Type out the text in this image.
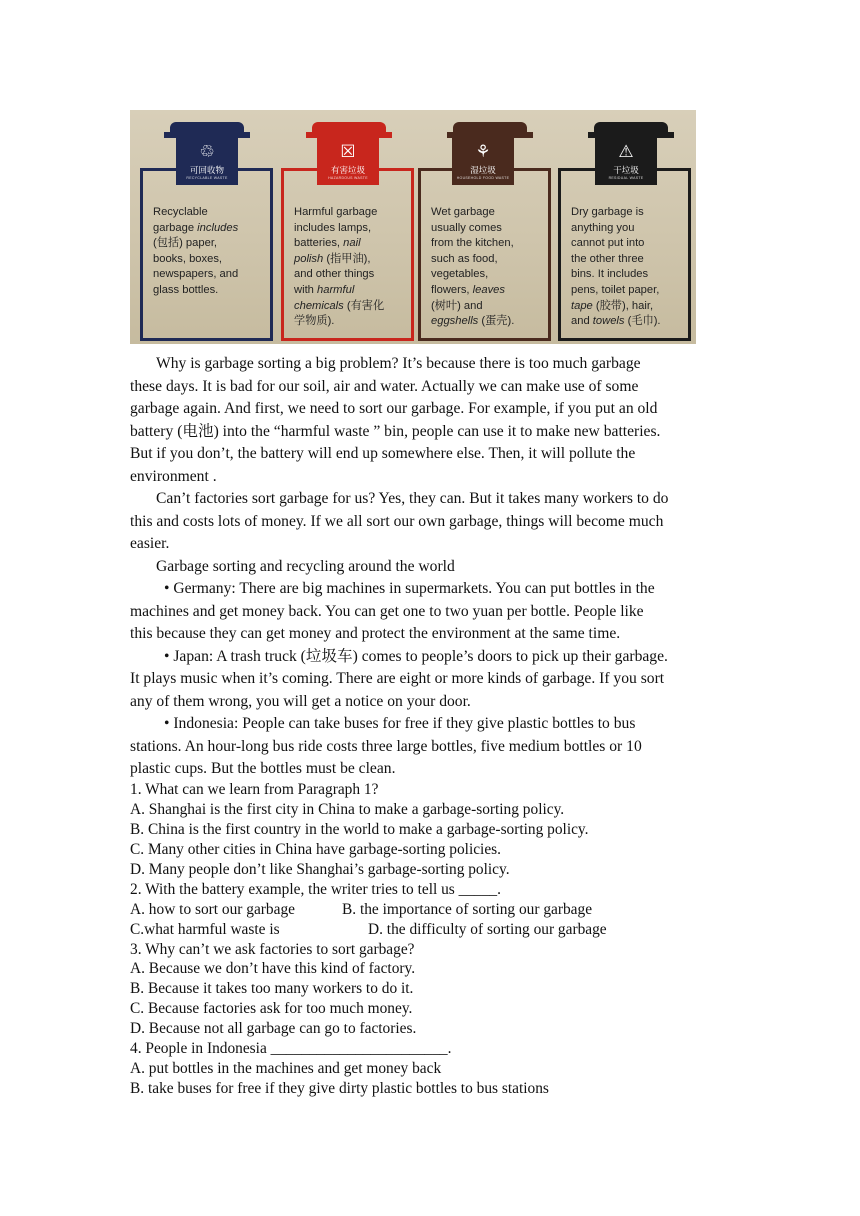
Recyclable
garbage includes
(包括) paper,
books, boxes,
newspapers, and
glass bottles.
♲
可回收物
RECYCLABLE WASTE
Harmful garbage
includes lamps,
batteries, nail
polish (指甲油),
and other things
with harmful
chemicals (有害化
学物质).
☒
有害垃圾
HAZARDOUS WASTE
Wet garbage
usually comes
from the kitchen,
such as food,
vegetables,
flowers, leaves
(树叶) and
eggshells (蛋壳).
⚘
湿垃圾
HOUSEHOLD FOOD WASTE
Dry garbage is
anything you
cannot put into
the other three
bins. It includes
pens, toilet paper,
tape (胶带), hair,
and towels (毛巾).
⚠
干垃圾
RESIDUAL WASTE
Why is garbage sorting a big problem? It’s because there is too much garbage
these days. It is bad for our soil, air and water. Actually we can make use of some
garbage again. And first, we need to sort our garbage. For example, if you put an old
battery (电池) into the “harmful waste ” bin, people can use it to make new batteries.
But if you don’t, the battery will end up somewhere else. Then, it will pollute the
environment .
Can’t factories sort garbage for us? Yes, they can. But it takes many workers to do
this and costs lots of money. If we all sort our own garbage, things will become much
easier.
Garbage sorting and recycling around the world
• Germany: There are big machines in supermarkets. You can put bottles in the
machines and get money back. You can get one to two yuan per bottle. People like
this because they can get money and protect the environment at the same time.
• Japan: A trash truck (垃圾车) comes to people’s doors to pick up their garbage.
It plays music when it’s coming. There are eight or more kinds of garbage. If you sort
any of them wrong, you will get a notice on your door.
• Indonesia: People can take buses for free if they give plastic bottles to bus
stations. An hour-long bus ride costs three large bottles, five medium bottles or 10
plastic cups. But the bottles must be clean.
1. What can we learn from Paragraph 1?
A. Shanghai is the first city in China to make a garbage-sorting policy.
B. China is the first country in the world to make a garbage-sorting policy.
C. Many other cities in China have garbage-sorting policies.
D. Many people don’t like Shanghai’s garbage-sorting policy.
2. With the battery example, the writer tries to tell us _____.
A. how to sort our garbage	B. the importance of sorting our garbage
C.what harmful waste is	D. the difficulty of sorting our garbage
3. Why can’t we ask factories to sort garbage?
A. Because we don’t have this kind of factory.
B. Because it takes too many workers to do it.
C. Because factories ask for too much money.
D. Because not all garbage can go to factories.
4. People in Indonesia _______________________.
A. put bottles in the machines and get money back
B. take buses for free if they give dirty plastic bottles to bus stations
